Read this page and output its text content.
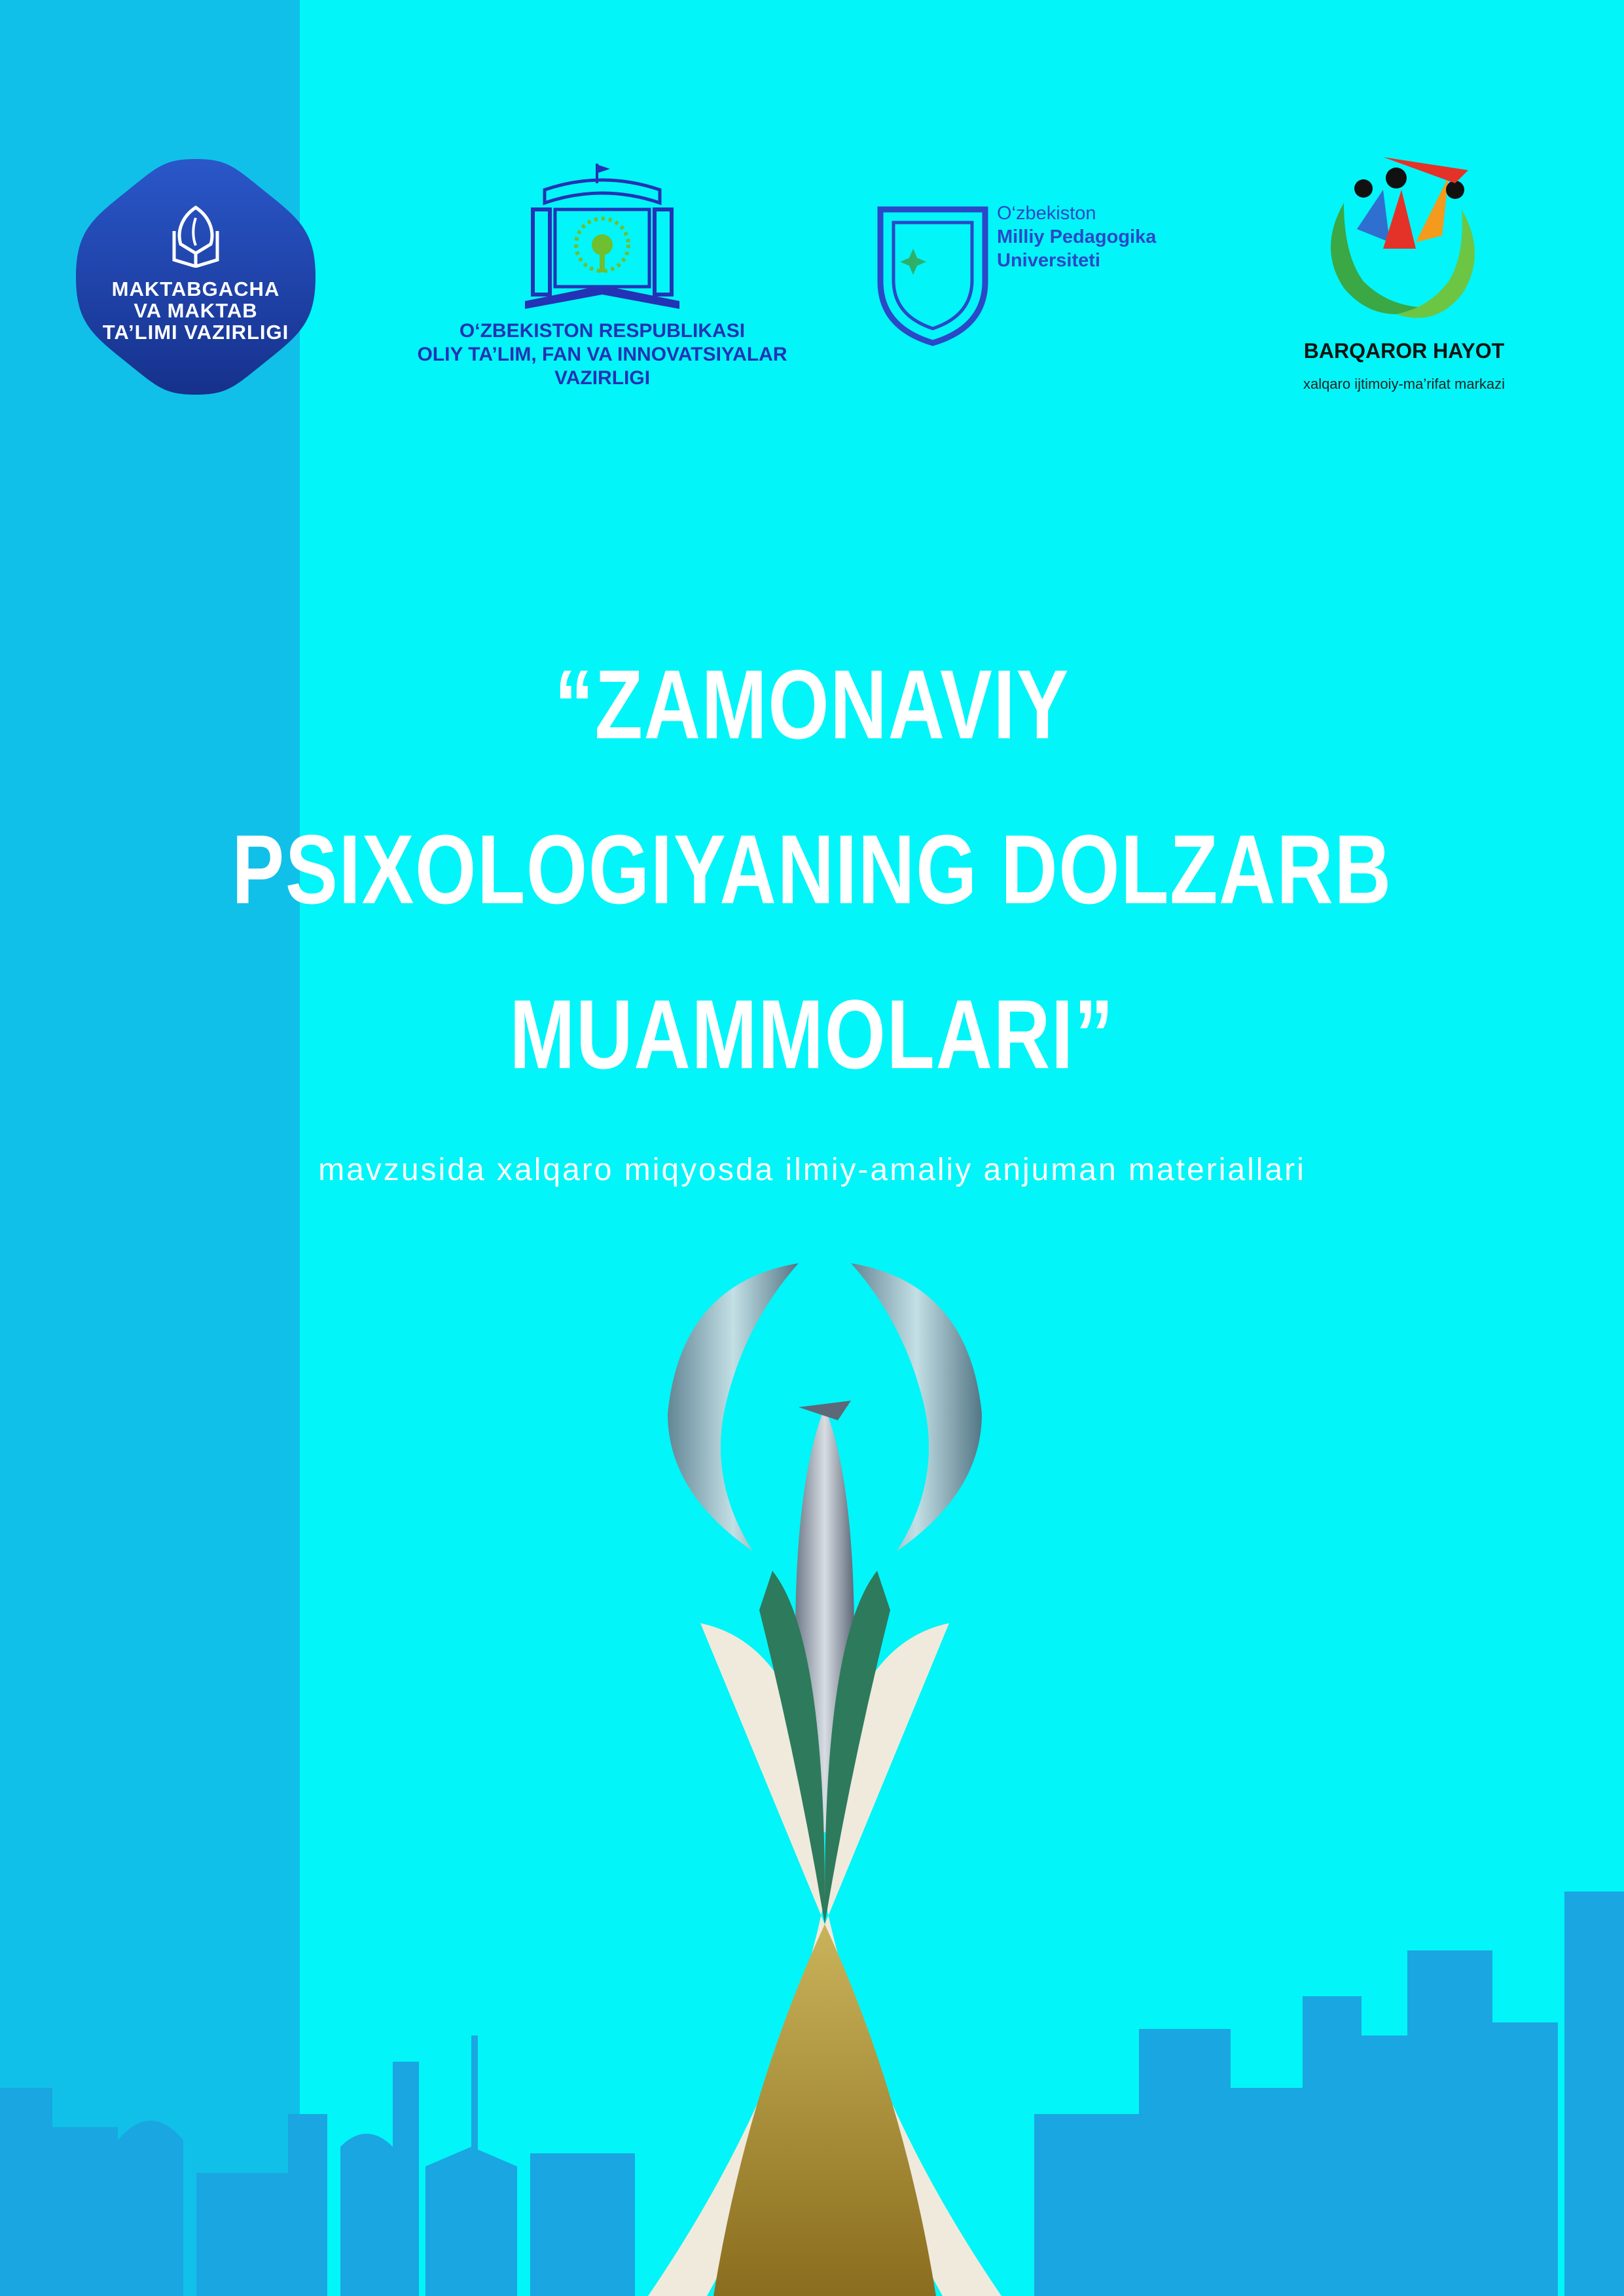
MAKTABGACHA
VA MAKTAB
TA’LIMI VAZIRLIGI	O‘ZBEKISTON RESPUBLIKASI
OLIY TA’LIM, FAN VA INNOVATSIYALAR
VAZIRLIGI
O‘zbekiston
Milliy Pedagogika
Universiteti
BARQAROR HAYOT
xalqaro ijtimoiy-ma’rifat markazi
“ZAMONAVIY
PSIXOLOGIYANING DOLZARB
MUAMMOLARI”
mavzusida xalqaro miqyosda ilmiy-amaliy anjuman materiallari
